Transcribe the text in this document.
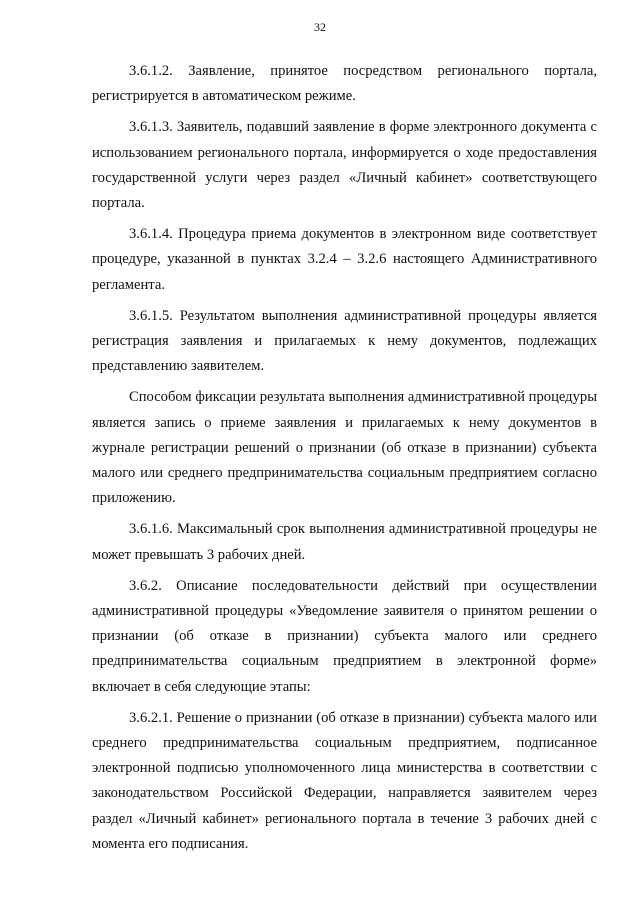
32

3.6.1.2. Заявление, принятое посредством регионального портала, регистрируется в автоматическом режиме.

3.6.1.3. Заявитель, подавший заявление в форме электронного документа с использованием регионального портала, информируется о ходе предоставления государственной услуги через раздел «Личный кабинет» соответствующего портала.

3.6.1.4. Процедура приема документов в электронном виде соответствует процедуре, указанной в пунктах 3.2.4 – 3.2.6 настоящего Административного регламента.

3.6.1.5. Результатом выполнения административной процедуры является регистрация заявления и прилагаемых к нему документов, подлежащих представлению заявителем.

Способом фиксации результата выполнения административной процедуры является запись о приеме заявления и прилагаемых к нему документов в журнале регистрации решений о признании (об отказе в признании) субъекта малого или среднего предпринимательства социальным предприятием согласно приложению.

3.6.1.6. Максимальный срок выполнения административной процедуры не может превышать 3 рабочих дней.

3.6.2. Описание последовательности действий при осуществлении административной процедуры «Уведомление заявителя о принятом решении о признании (об отказе в признании) субъекта малого или среднего предпринимательства социальным предприятием в электронной форме» включает в себя следующие этапы:

3.6.2.1. Решение о признании (об отказе в признании) субъекта малого или среднего предпринимательства социальным предприятием, подписанное электронной подписью уполномоченного лица министерства в соответствии с законодательством Российской Федерации, направляется заявителем через раздел «Личный кабинет» регионального портала в течение 3 рабочих дней с момента его подписания.
